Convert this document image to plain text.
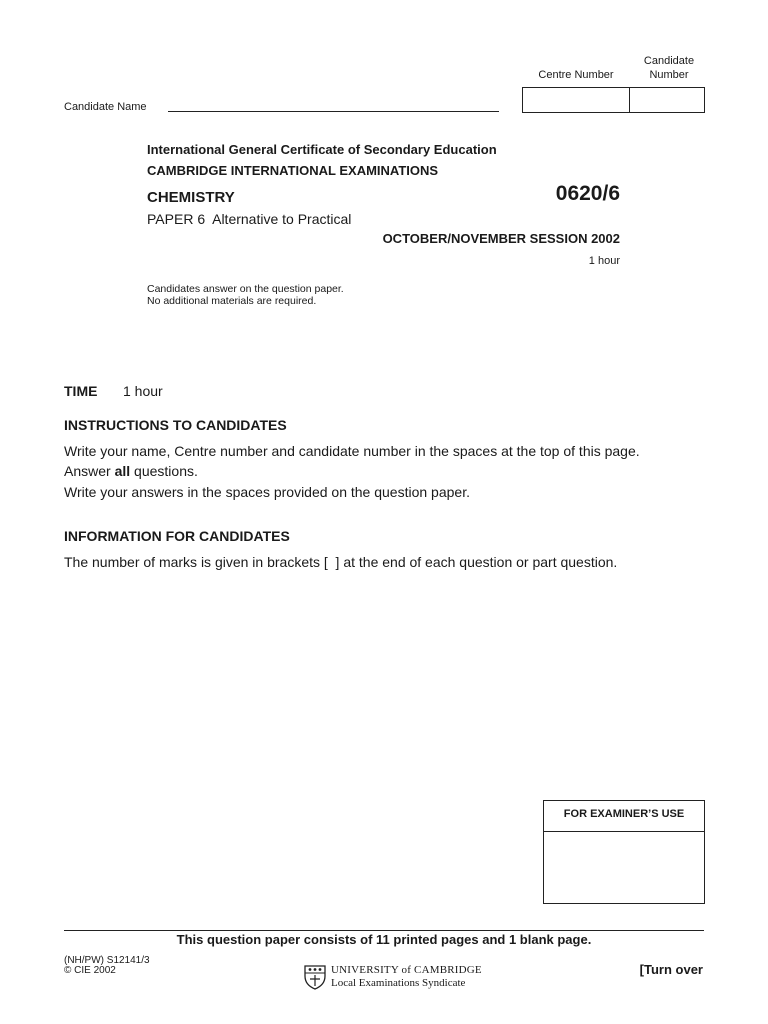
Centre Number
Candidate
Number
Candidate Name
International General Certificate of Secondary Education
CAMBRIDGE INTERNATIONAL EXAMINATIONS
CHEMISTRY	0620/6
PAPER 6  Alternative to Practical
OCTOBER/NOVEMBER SESSION 2002
1 hour
Candidates answer on the question paper.
No additional materials are required.
TIME 1 hour
INSTRUCTIONS TO CANDIDATES
Write your name, Centre number and candidate number in the spaces at the top of this page.
Answer all questions.
Write your answers in the spaces provided on the question paper.
INFORMATION FOR CANDIDATES
The number of marks is given in brackets [  ] at the end of each question or part question.
FOR EXAMINER’S USE
This question paper consists of 11 printed pages and 1 blank page.
(NH/PW) S12141/3
© CIE 2002	UNIVERSITY of CAMBRIDGE
Local Examinations Syndicate
[Turn over
